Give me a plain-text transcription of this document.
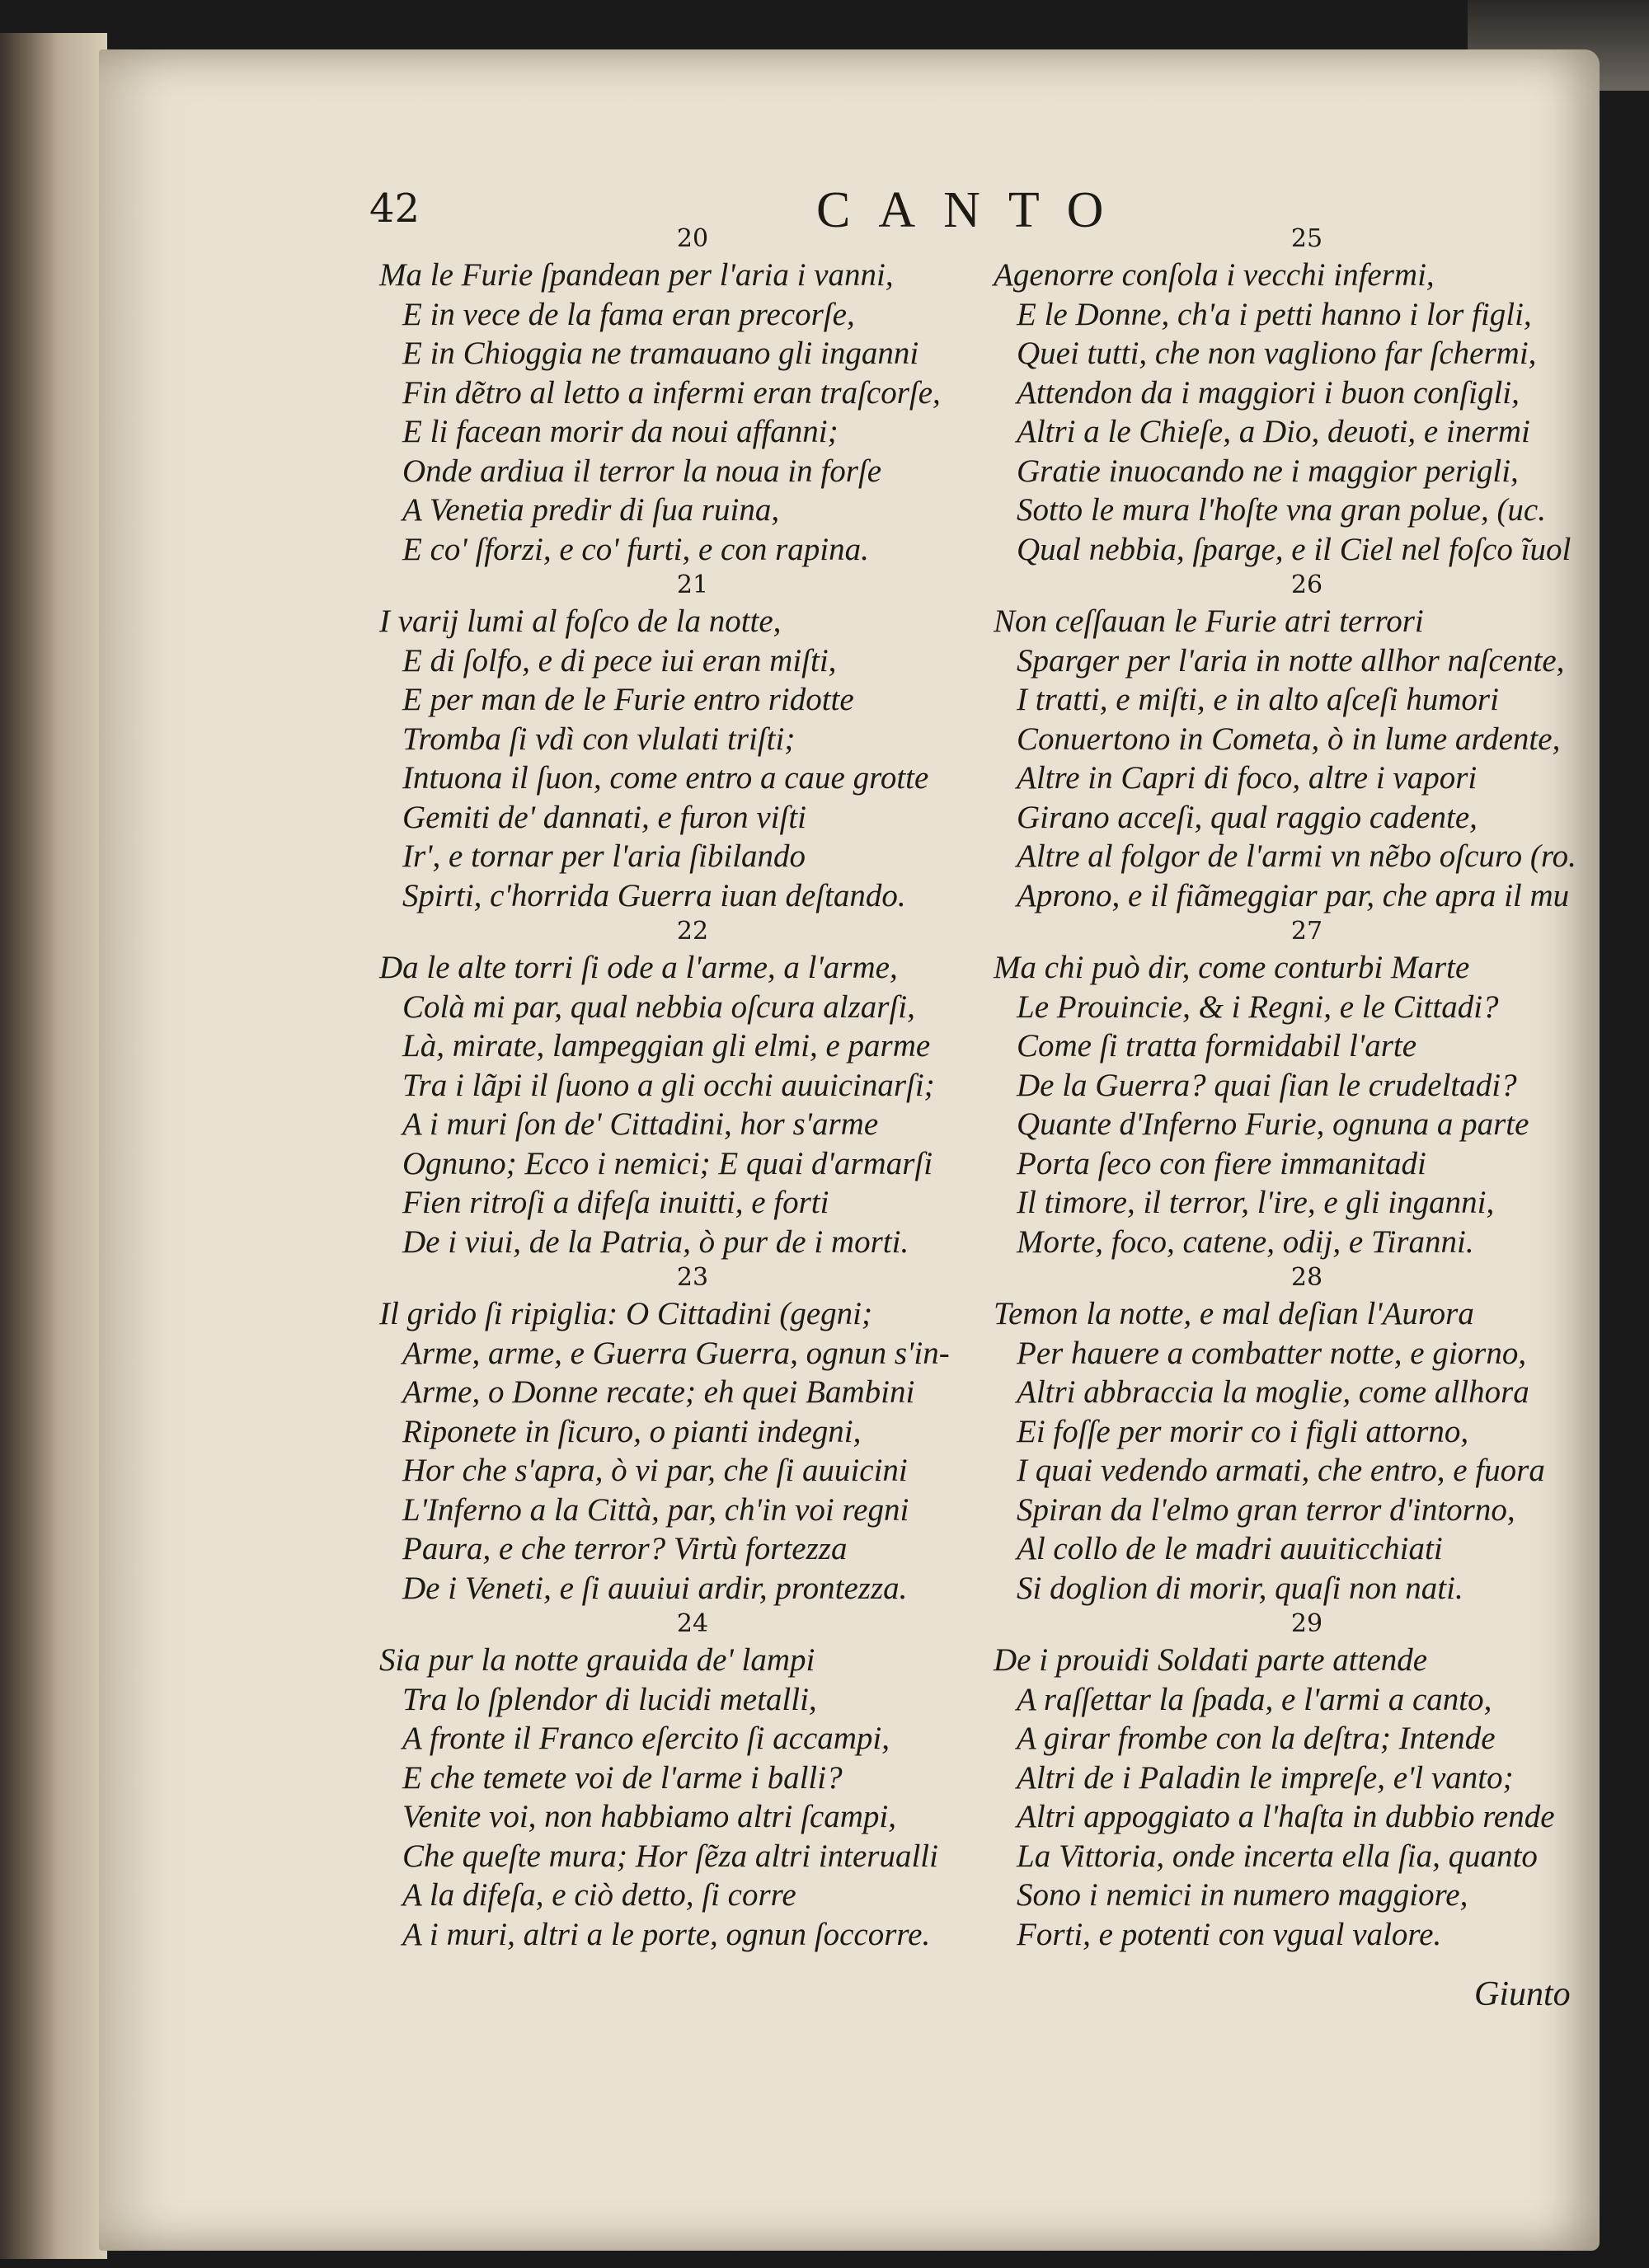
42	CANTO
20
Ma le Furie ſpandean per l'aria i vanni,
E in vece de la fama eran precorſe,
E in Chioggia ne tramauano gli inganni
Fin dẽtro al letto a infermi eran traſcorſe,
E li facean morir da noui affanni;
Onde ardiua il terror la noua in forſe
A Venetia predir di ſua ruina,
E co' ſforzi, e co' furti, e con rapina.
21
I varij lumi al foſco de la notte,
E di ſolfo, e di pece iui eran miſti,
E per man de le Furie entro ridotte
Tromba ſi vdì con vlulati triſti;
Intuona il ſuon, come entro a caue grotte
Gemiti de' dannati, e furon viſti
Ir', e tornar per l'aria ſibilando
Spirti, c'horrida Guerra iuan deſtando.
22
Da le alte torri ſi ode a l'arme, a l'arme,
Colà mi par, qual nebbia oſcura alzarſi,
Là, mirate, lampeggian gli elmi, e parme
Tra i lãpi il ſuono a gli occhi auuicinarſi;
A i muri ſon de' Cittadini, hor s'arme
Ognuno; Ecco i nemici; E quai d'armarſi
Fien ritroſi a difeſa inuitti, e forti
De i viui, de la Patria, ò pur de i morti.
23
Il grido ſi ripiglia: O Cittadini (gegni;
Arme, arme, e Guerra Guerra, ognun s'in-
Arme, o Donne recate; eh quei Bambini
Riponete in ſicuro, o pianti indegni,
Hor che s'apra, ò vi par, che ſi auuicini
L'Inferno a la Città, par, ch'in voi regni
Paura, e che terror? Virtù fortezza
De i Veneti, e ſi auuiui ardir, prontezza.
24
Sia pur la notte grauida de' lampi
Tra lo ſplendor di lucidi metalli,
A fronte il Franco eſercito ſi accampi,
E che temete voi de l'arme i balli?
Venite voi, non habbiamo altri ſcampi,
Che queſte mura; Hor ſẽza altri interualli
A la difeſa, e ciò detto, ſi corre
A i muri, altri a le porte, ognun ſoccorre.
25
Agenorre conſola i vecchi infermi,
E le Donne, ch'a i petti hanno i lor figli,
Quei tutti, che non vagliono far ſchermi,
Attendon da i maggiori i buon conſigli,
Altri a le Chieſe, a Dio, deuoti, e inermi
Gratie inuocando ne i maggior perigli,
Sotto le mura l'hoſte vna gran polue, (uc.
Qual nebbia, ſparge, e il Ciel nel foſco ĩuol
26
Non ceſſauan le Furie atri terrori
Sparger per l'aria in notte allhor naſcente,
I tratti, e miſti, e in alto aſceſi humori
Conuertono in Cometa, ò in lume ardente,
Altre in Capri di foco, altre i vapori
Girano acceſi, qual raggio cadente,
Altre al folgor de l'armi vn nẽbo oſcuro (ro.
Aprono, e il fiãmeggiar par, che apra il mu
27
Ma chi può dir, come conturbi Marte
Le Prouincie, & i Regni, e le Cittadi?
Come ſi tratta formidabil l'arte
De la Guerra? quai ſian le crudeltadi?
Quante d'Inferno Furie, ognuna a parte
Porta ſeco con fiere immanitadi
Il timore, il terror, l'ire, e gli inganni,
Morte, foco, catene, odij, e Tiranni.
28
Temon la notte, e mal deſian l'Aurora
Per hauere a combatter notte, e giorno,
Altri abbraccia la moglie, come allhora
Ei foſſe per morir co i figli attorno,
I quai vedendo armati, che entro, e fuora
Spiran da l'elmo gran terror d'intorno,
Al collo de le madri auuiticchiati
Si doglion di morir, quaſi non nati.
29
De i prouidi Soldati parte attende
A raſſettar la ſpada, e l'armi a canto,
A girar frombe con la deſtra; Intende
Altri de i Paladin le impreſe, e'l vanto;
Altri appoggiato a l'haſta in dubbio rende
La Vittoria, onde incerta ella ſia, quanto
Sono i nemici in numero maggiore,
Forti, e potenti con vgual valore.
Giunto
